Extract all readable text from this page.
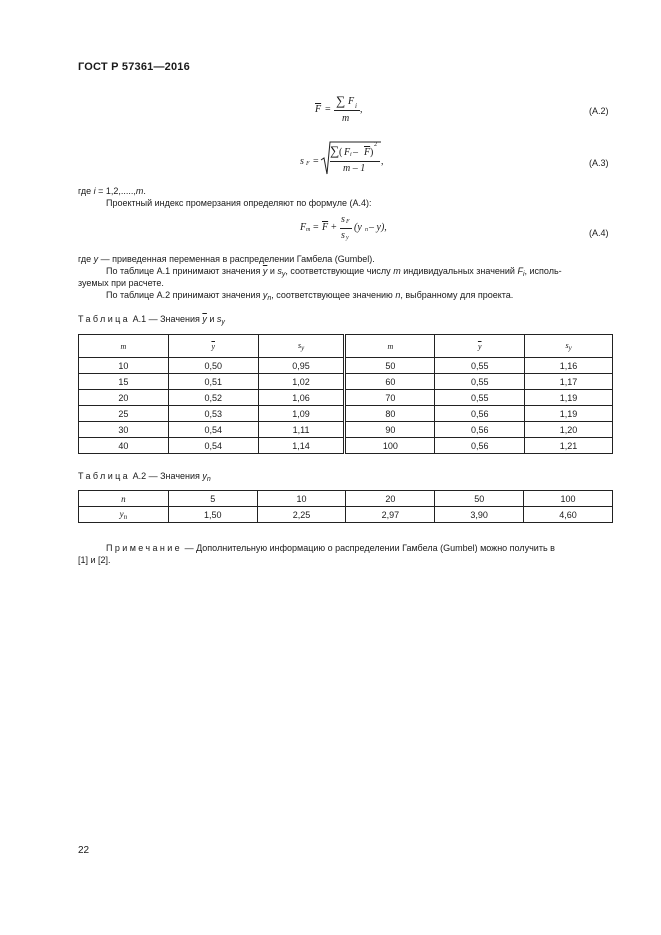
ГОСТ Р 57361—2016
$\overline{F}$ =
∑ F i
m
,	(А.2)
s F =
∑ ( F i – $\overline{F}$ )
2
m – 1
,	(А.3)
где i = 1,2,.....,m.
Проектный индекс промерзания определяют по формуле (А.4):
F $m = \overline{F}$ +
s F
s y
(y n – y),	(А.4)
где y — приведенная переменная в распределении Гамбела (Gumbel).
По таблице А.1 принимают значения $\overline{y}$ и $s_y$, соответствующие числу m индивидуальных значений $F_i$, исполь-
зуемых при расчете.
По таблице А.2 принимают значения $y_n$, соответствующее значению n, выбранному для проекта.
Таблица А.1 — Значения $\overline{y}$ и $s_y$
m	$\overline{y}$	sy	m	$\overline{y}$	sy
10	0,50	0,95	50	0,55	1,16
15	0,51	1,02	60	0,55	1,17
20	0,52	1,06	70	0,55	1,19
25	0,53	1,09	80	0,56	1,19
30	0,54	1,11	90	0,56	1,20
40	0,54	1,14	100	0,56	1,21
Таблица А.2 — Значения $y_n$
n	5	10	20	50	100
$y_n$	1,50	2,25	2,97	3,90	4,60
Примечание — Дополнительную информацию о распределении Гамбела (Gumbel) можно получить в
[1] и [2].
22
